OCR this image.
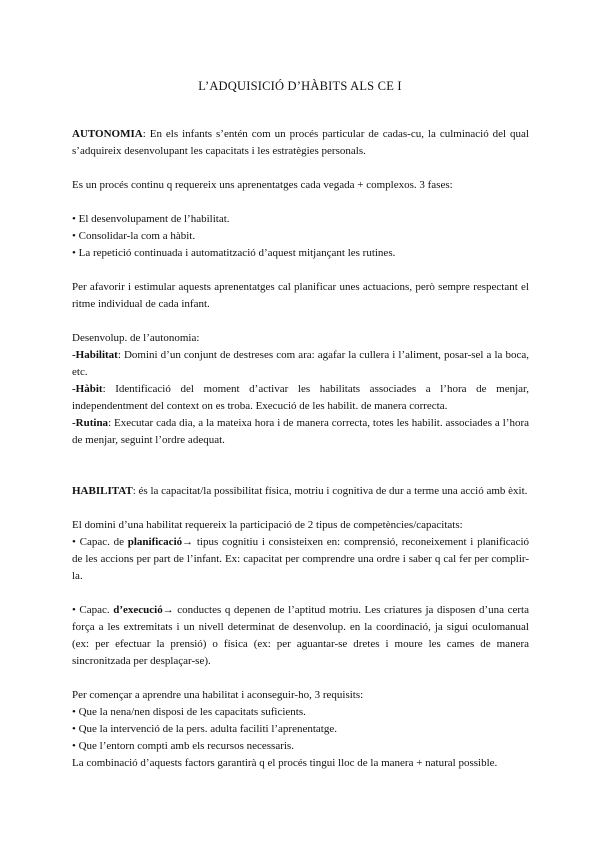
L’ADQUISICIÓ D’HÀBITS ALS CE I

AUTONOMIA: En els infants s’entén com un procés particular de cadas-cu, la culminació del qual s’adquireix desenvolupant les capacitats i les estratègies personals.

Es un procés continu q requereix uns aprenentatges cada vegada + complexos. 3 fases:

• El desenvolupament de l’habilitat.

• Consolidar-la com a hàbit.

• La repetició continuada i automatització d’aquest mitjançant les rutines.

Per afavorir i estimular aquests aprenentatges cal planificar unes actuacions, però sempre respectant el ritme individual de cada infant.

Desenvolup. de l’autonomia:

-Habilitat: Domini d’un conjunt de destreses com ara: agafar la cullera i l’aliment, posar-sel a la boca, etc.

-Hàbit: Identificació del moment d’activar les habilitats associades a l’hora de menjar, independentment del context on es troba. Execució de les habilit. de manera correcta.

-Rutina: Executar cada dia, a la mateixa hora i de manera correcta, totes les habilit. associades a l’hora de menjar, seguint l’ordre adequat.

HABILITAT: és la capacitat/la possibilitat física, motriu i cognitiva de dur a terme una acció amb èxit.

El domini d’una habilitat requereix la participació de 2 tipus de competències/capacitats:

• Capac. de planificació→ tipus cognitiu i consisteixen en: comprensió, reconeixement i planificació de les accions per part de l’infant. Ex: capacitat per comprendre una ordre i saber q cal fer per complir-la.

• Capac. d’execució→ conductes q depenen de l’aptitud motriu. Les criatures ja disposen d’una certa força a les extremitats i un nivell determinat de desenvolup. en la coordinació, ja sigui oculomanual (ex: per efectuar la prensió) o física (ex: per aguantar-se dretes i moure les cames de manera sincronitzada per desplaçar-se).

Per començar a aprendre una habilitat i aconseguir-ho, 3 requisits:

• Que la nena/nen disposi de les capacitats suficients.

• Que la intervenció de la pers. adulta faciliti l’aprenentatge.

• Que l’entorn compti amb els recursos necessaris.

La combinació d’aquests factors garantirà q el procés tingui lloc de la manera + natural possible.
